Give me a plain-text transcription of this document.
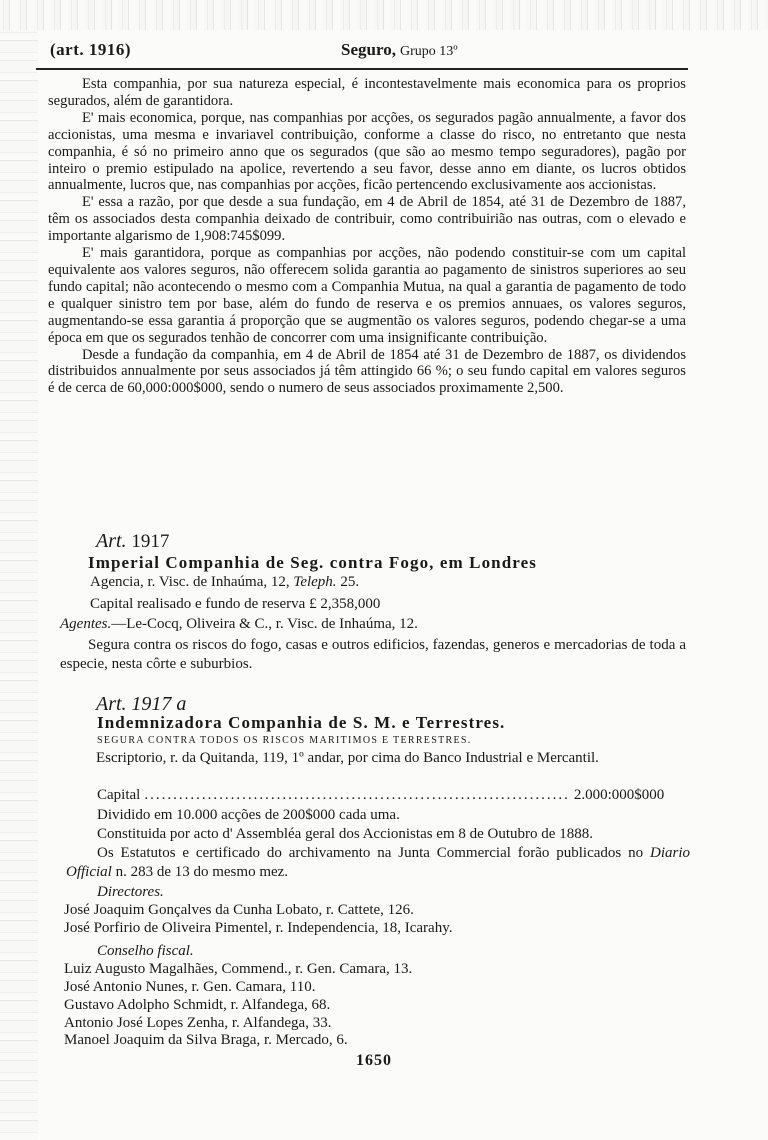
(art. 1916)	Seguro, Grupo 13º

Esta companhia, por sua natureza especial, é incontestavelmente mais economica para os proprios segurados, além de garantidora.

E' mais economica, porque, nas companhias por acções, os segurados pagão annualmente, a favor dos accionistas, uma mesma e invariavel contribuição, conforme a classe do risco, no entretanto que nesta companhia, é só no primeiro anno que os segurados (que são ao mesmo tempo seguradores), pagão por inteiro o premio estipulado na apolice, revertendo a seu favor, desse anno em diante, os lucros obtidos annualmente, lucros que, nas companhias por acções, ficão pertencendo exclusivamente aos accionistas.

E' essa a razão, por que desde a sua fundação, em 4 de Abril de 1854, até 31 de Dezembro de 1887, têm os associados desta companhia deixado de contribuir, como contribuirião nas outras, com o elevado e importante algarismo de 1,908:745$099.

E' mais garantidora, porque as companhias por acções, não podendo constituir-se com um capital equivalente aos valores seguros, não offerecem solida garantia ao pagamento de sinistros superiores ao seu fundo capital; não acontecendo o mesmo com a Companhia Mutua, na qual a garantia de pagamento de todo e qualquer sinistro tem por base, além do fundo de reserva e os premios annuaes, os valores seguros, augmentando-se essa garantia á proporção que se augmentão os valores seguros, podendo chegar-se a uma época em que os segurados tenhão de concorrer com uma insignificante contribuição.

Desde a fundação da companhia, em 4 de Abril de 1854 até 31 de Dezembro de 1887, os dividendos distribuidos annualmente por seus associados já têm attingido 66 %; o seu fundo capital em valores seguros é de cerca de 60,000:000$000, sendo o numero de seus associados proximamente 2,500.

Art. 1917
Imperial Companhia de Seg. contra Fogo, em Londres
Agencia, r. Visc. de Inhaúma, 12, Teleph. 25.
Capital realisado e fundo de reserva £ 2,358,000
Agentes.—Le-Cocq, Oliveira & C., r. Visc. de Inhaúma, 12.
Segura contra os riscos do fogo, casas e outros edificios, fazendas, generos e mercadorias de toda a especie, nesta côrte e suburbios.
Art. 1917 a
Indemnizadora Companhia de S. M. e Terrestres.
SEGURA CONTRA TODOS OS RISCOS MARITIMOS E TERRESTRES.
Escriptorio, r. da Quitanda, 119, 1º andar, por cima do Banco Industrial e Mercantil.
Capital .......................................................................... 2.000:000$000
Dividido em 10.000 acções de 200$000 cada uma.
Constituida por acto d' Assembléa geral dos Accionistas em 8 de Outubro de 1888.
Os Estatutos e certificado do archivamento na Junta Commercial forão publicados no Diario Official n. 283 de 13 do mesmo mez.
Directores.
José Joaquim Gonçalves da Cunha Lobato, r. Cattete, 126.
José Porfirio de Oliveira Pimentel, r. Independencia, 18, Icarahy.
Conselho fiscal.
Luiz Augusto Magalhães, Commend., r. Gen. Camara, 13.
José Antonio Nunes, r. Gen. Camara, 110.
Gustavo Adolpho Schmidt, r. Alfandega, 68.
Antonio José Lopes Zenha, r. Alfandega, 33.
Manoel Joaquim da Silva Braga, r. Mercado, 6.
1650
